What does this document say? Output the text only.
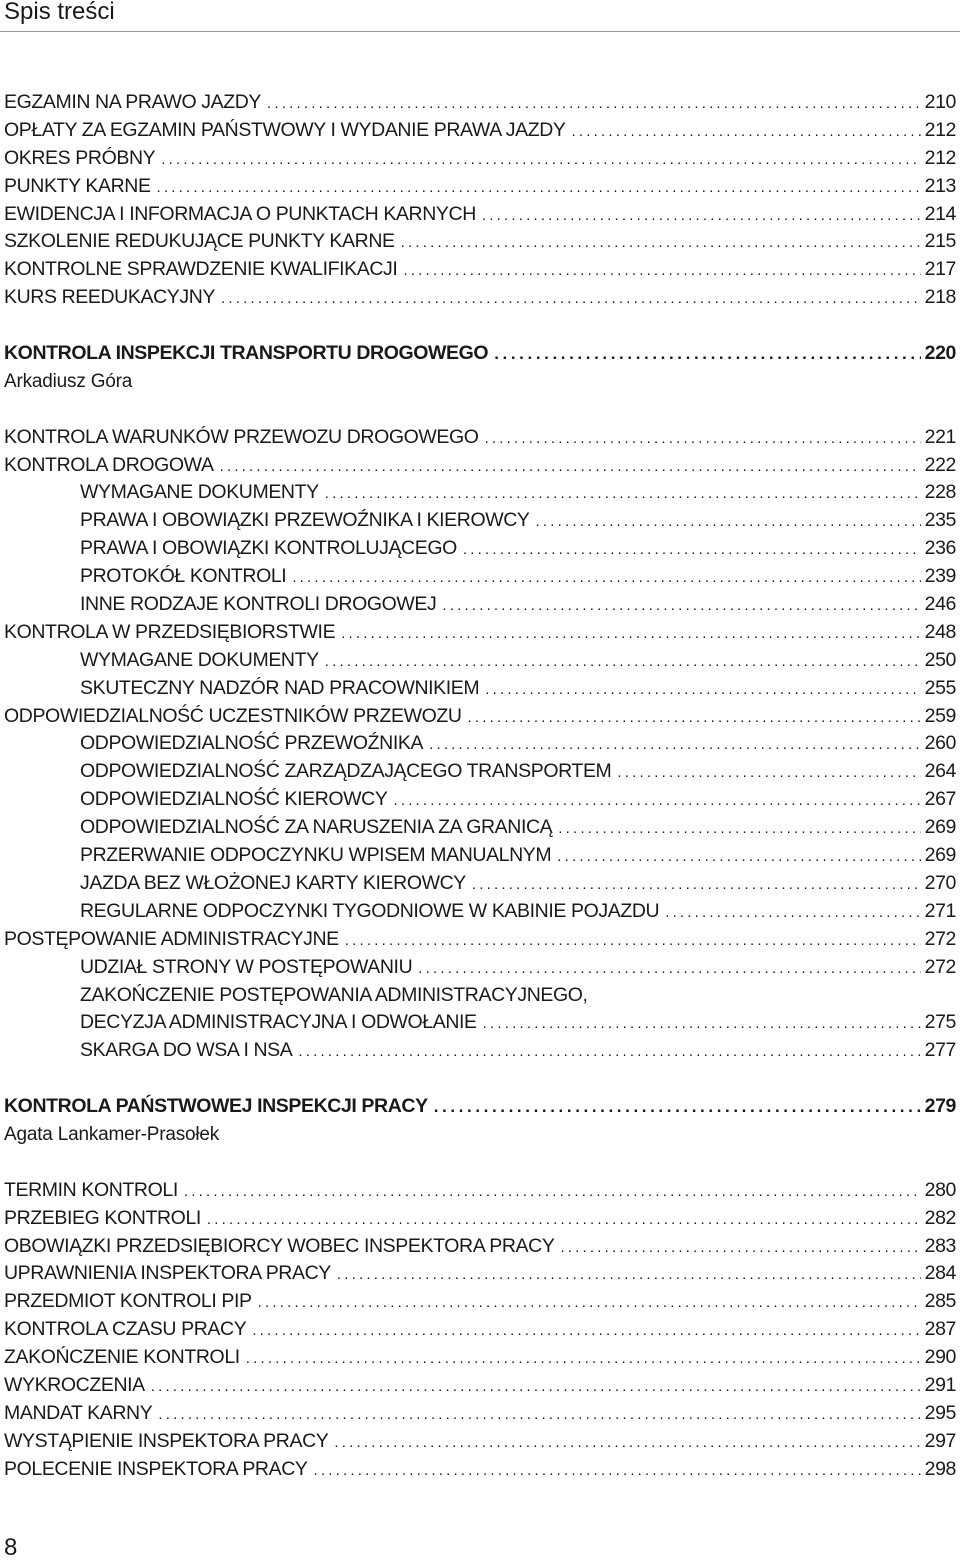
Spis treści
EGZAMIN NA PRAWO JAZDY .....	210
OPŁATY ZA EGZAMIN PAŃSTWOWY I WYDANIE PRAWA JAZDY .....	212
OKRES PRÓBNY .....	212
PUNKTY KARNE .....	213
EWIDENCJA I INFORMACJA O PUNKTACH KARNYCH .....	214
SZKOLENIE REDUKUJĄCE PUNKTY KARNE .....	215
KONTROLNE SPRAWDZENIE KWALIFIKACJI .....	217
KURS REEDUKACYJNY .....	218
KONTROLA INSPEKCJI TRANSPORTU DROGOWEGO .....	220
Arkadiusz Góra
KONTROLA WARUNKÓW PRZEWOZU DROGOWEGO .....	221
KONTROLA DROGOWA .....	222
WYMAGANE DOKUMENTY .....	228
PRAWA I OBOWIĄZKI PRZEWOŹNIKA I KIEROWCY .....	235
PRAWA I OBOWIĄZKI KONTROLUJĄCEGO .....	236
PROTOKÓŁ KONTROLI .....	239
INNE RODZAJE KONTROLI DROGOWEJ .....	246
KONTROLA W PRZEDSIĘBIORSTWIE .....	248
WYMAGANE DOKUMENTY .....	250
SKUTECZNY NADZÓR NAD PRACOWNIKIEM .....	255
ODPOWIEDZIALNOŚĆ UCZESTNIKÓW PRZEWOZU .....	259
ODPOWIEDZIALNOŚĆ PRZEWOŹNIKA .....	260
ODPOWIEDZIALNOŚĆ ZARZĄDZAJĄCEGO TRANSPORTEM .....	264
ODPOWIEDZIALNOŚĆ KIEROWCY .....	267
ODPOWIEDZIALNOŚĆ ZA NARUSZENIA ZA GRANICĄ .....	269
PRZERWANIE ODPOCZYNKU WPISEM MANUALNYM .....	269
JAZDA BEZ WŁOŻONEJ KARTY KIEROWCY .....	270
REGULARNE ODPOCZYNKI TYGODNIOWE W KABINIE POJAZDU .....	271
POSTĘPOWANIE ADMINISTRACYJNE .....	272
UDZIAŁ STRONY W POSTĘPOWANIU .....	272
ZAKOŃCZENIE POSTĘPOWANIA ADMINISTRACYJNEGO,
DECYZJA ADMINISTRACYJNA I ODWOŁANIE .....	275
SKARGA DO WSA I NSA .....	277
KONTROLA PAŃSTWOWEJ INSPEKCJI PRACY .....	279
Agata Lankamer-Prasołek
TERMIN KONTROLI .....	280
PRZEBIEG KONTROLI .....	282
OBOWIĄZKI PRZEDSIĘBIORCY WOBEC INSPEKTORA PRACY .....	283
UPRAWNIENIA INSPEKTORA PRACY .....	284
PRZEDMIOT KONTROLI PIP .....	285
KONTROLA CZASU PRACY .....	287
ZAKOŃCZENIE KONTROLI .....	290
WYKROCZENIA .....	291
MANDAT KARNY .....	295
WYSTĄPIENIE INSPEKTORA PRACY .....	297
POLECENIE INSPEKTORA PRACY .....	298
8
